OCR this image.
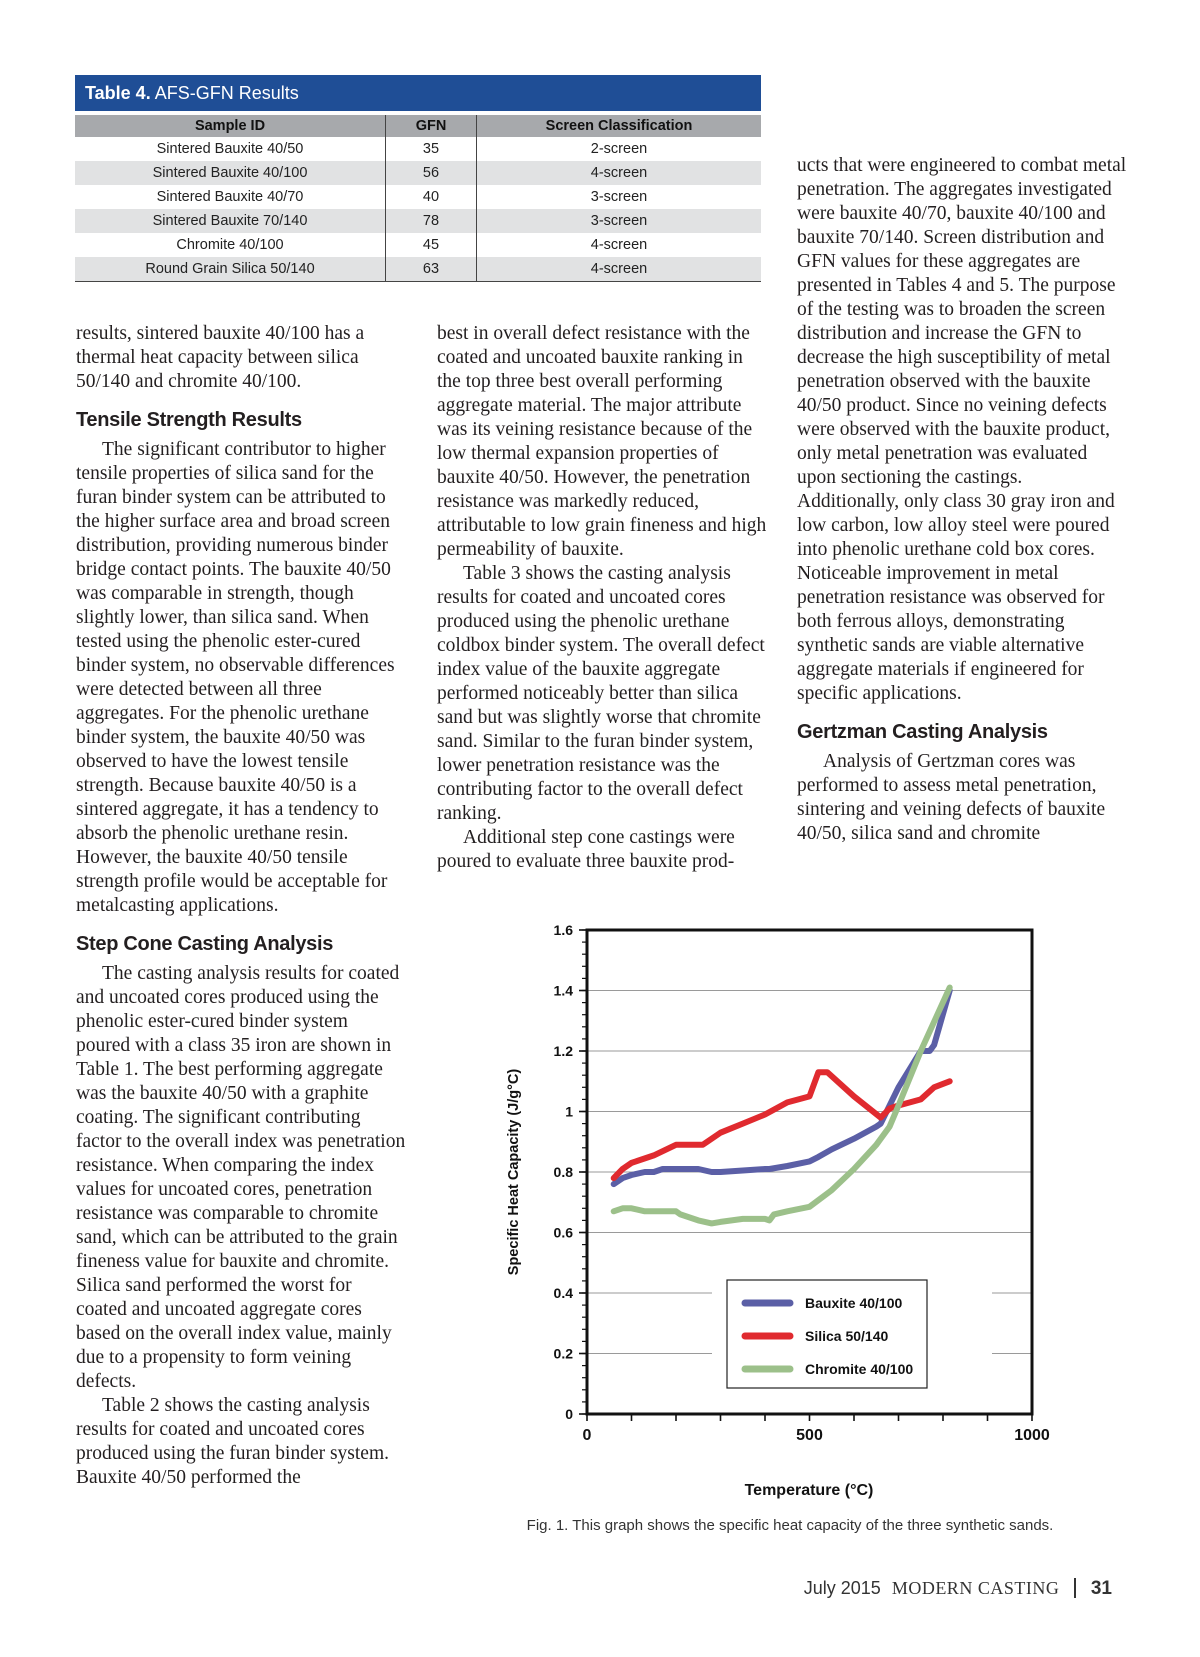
Table 4. AFS-GFN Results
Sample ID	GFN	Screen Classification
Sintered Bauxite 40/50	35	2-screen
Sintered Bauxite 40/100	56	4-screen
Sintered Bauxite 40/70	40	3-screen
Sintered Bauxite 70/140	78	3-screen
Chromite 40/100	45	4-screen
Round Grain Silica 50/140	63	4-screen

results, sintered bauxite 40/100 has a thermal heat capacity between silica 50/140 and chromite 40/100.

Tensile Strength Results

The significant contributor to higher tensile properties of silica sand for the furan binder system can be attributed to the higher surface area and broad screen distribution, providing numerous binder bridge contact points. The bauxite 40/50 was comparable in strength, though slightly lower, than silica sand. When tested using the phenolic ester-cured binder system, no observable differences were detected between all three aggregates. For the phenolic urethane binder system, the bauxite 40/50 was observed to have the lowest tensile strength. Because bauxite 40/50 is a sintered aggregate, it has a tendency to absorb the phenolic urethane resin. However, the bauxite 40/50 tensile strength profile would be acceptable for metalcasting applications.

Step Cone Casting Analysis

The casting analysis results for coated and uncoated cores produced using the phenolic ester-cured binder system poured with a class 35 iron are shown in Table 1. The best performing aggregate was the bauxite 40/50 with a graphite coating. The significant contributing factor to the overall index was penetration resistance. When comparing the index values for uncoated cores, penetration resistance was comparable to chromite sand, which can be attributed to the grain fineness value for bauxite and chromite. Silica sand performed the worst for coated and uncoated aggregate cores based on the overall index value, mainly due to a propensity to form veining defects.

Table 2 shows the casting analysis results for coated and uncoated cores produced using the furan binder system. Bauxite 40/50 performed the

best in overall defect resistance with the coated and uncoated bauxite ranking in the top three best overall performing aggregate material. The major attribute was its veining resistance because of the low thermal expansion properties of bauxite 40/50. However, the penetration resistance was markedly reduced, attributable to low grain fineness and high permeability of bauxite.

Table 3 shows the casting analysis results for coated and uncoated cores produced using the phenolic urethane coldbox binder system. The overall defect index value of the bauxite aggregate performed noticeably better than silica sand but was slightly worse that chromite sand. Similar to the furan binder system, lower penetration resistance was the contributing factor to the overall defect ranking.

Additional step cone castings were poured to evaluate three bauxite prod-

ucts that were engineered to combat metal penetration. The aggregates investigated were bauxite 40/70, bauxite 40/100 and bauxite 70/140. Screen distribution and GFN values for these aggregates are presented in Tables 4 and 5. The purpose of the testing was to broaden the screen distribution and increase the GFN to decrease the high susceptibility of metal penetration observed with the bauxite 40/50 product. Since no veining defects were observed with the bauxite product, only metal penetration was evaluated upon sectioning the castings. Additionally, only class 30 gray iron and low carbon, low alloy steel were poured into phenolic urethane cold box cores. Noticeable improvement in metal penetration resistance was observed for both ferrous alloys, demonstrating synthetic sands are viable alternative aggregate materials if engineered for specific applications.

Gertzman Casting Analysis

Analysis of Gertzman cores was performed to assess metal penetration, sintering and veining defects of bauxite 40/50, silica sand and chromite

0
0.2
0.4
0.6
0.8
1
1.2
1.4
1.6
0	500	1000
Specific Heat Capacity (J/g°C)
Temperature (°C)
Bauxite 40/100
Silica 50/140
Chromite 40/100
Fig. 1. This graph shows the specific heat capacity of the three synthetic sands.
July 2015 MODERN CASTING 31
